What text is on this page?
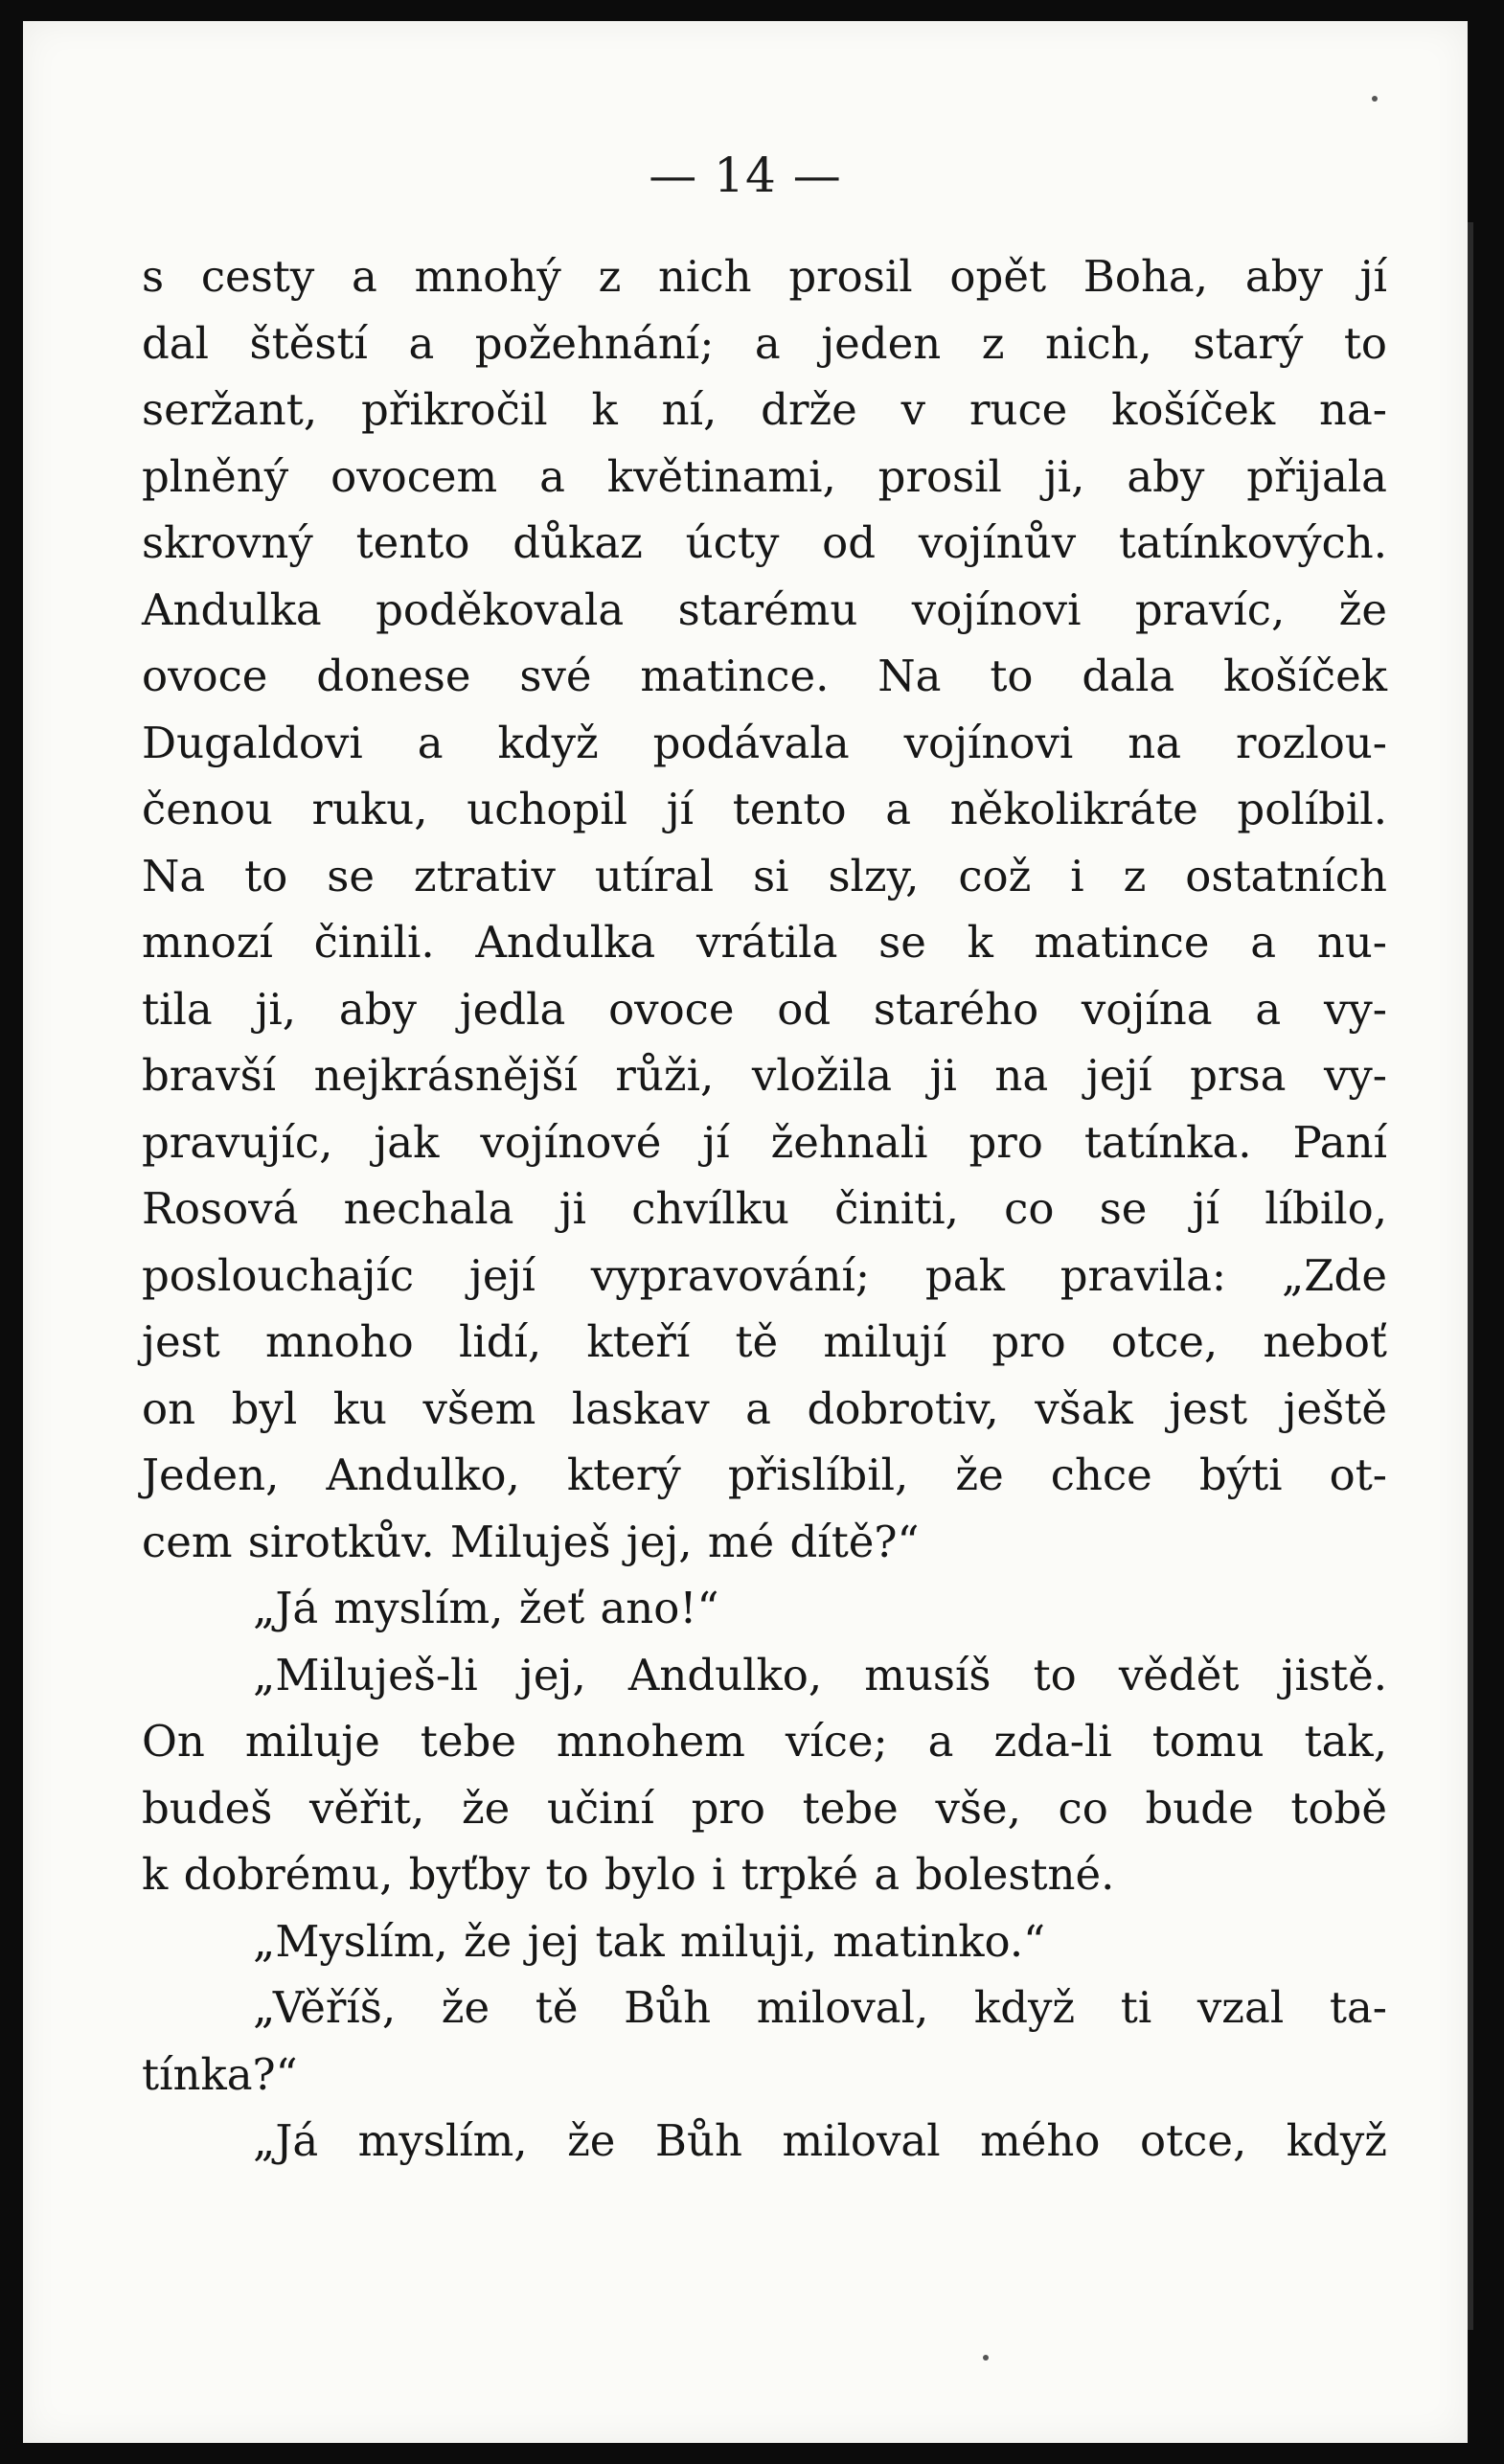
— 14 —
s cesty a mnohý z nich prosil opět Boha, aby jí
dal štěstí a požehnání; a jeden z nich, starý to
seržant, přikročil k ní, drže v ruce košíček na-
plněný ovocem a květinami, prosil ji, aby přijala
skrovný tento důkaz úcty od vojínův tatínkových.
Andulka poděkovala starému vojínovi pravíc, že
ovoce donese své matince. Na to dala košíček
Dugaldovi a když podávala vojínovi na rozlou-
čenou ruku, uchopil jí tento a několikráte políbil.
Na to se ztrativ utíral si slzy, což i z ostatních
mnozí činili. Andulka vrátila se k matince a nu-
tila ji, aby jedla ovoce od starého vojína a vy-
bravší nejkrásnější růži, vložila ji na její prsa vy-
pravujíc, jak vojínové jí žehnali pro tatínka. Paní
Rosová nechala ji chvílku činiti, co se jí líbilo,
poslouchajíc její vypravování; pak pravila: „Zde
jest mnoho lidí, kteří tě milují pro otce, neboť
on byl ku všem laskav a dobrotiv, však jest ještě
Jeden, Andulko, který přislíbil, že chce býti ot-
cem sirotkův. Miluješ jej, mé dítě?“
„Já myslím, žeť ano!“
„Miluješ-li jej, Andulko, musíš to vědět jistě.
On miluje tebe mnohem více; a zda-li tomu tak,
budeš věřit, že učiní pro tebe vše, co bude tobě
k dobrému, byťby to bylo i trpké a bolestné.
„Myslím, že jej tak miluji, matinko.“
„Věříš, že tě Bůh miloval, když ti vzal ta-
tínka?“
„Já myslím, že Bůh miloval mého otce, když
